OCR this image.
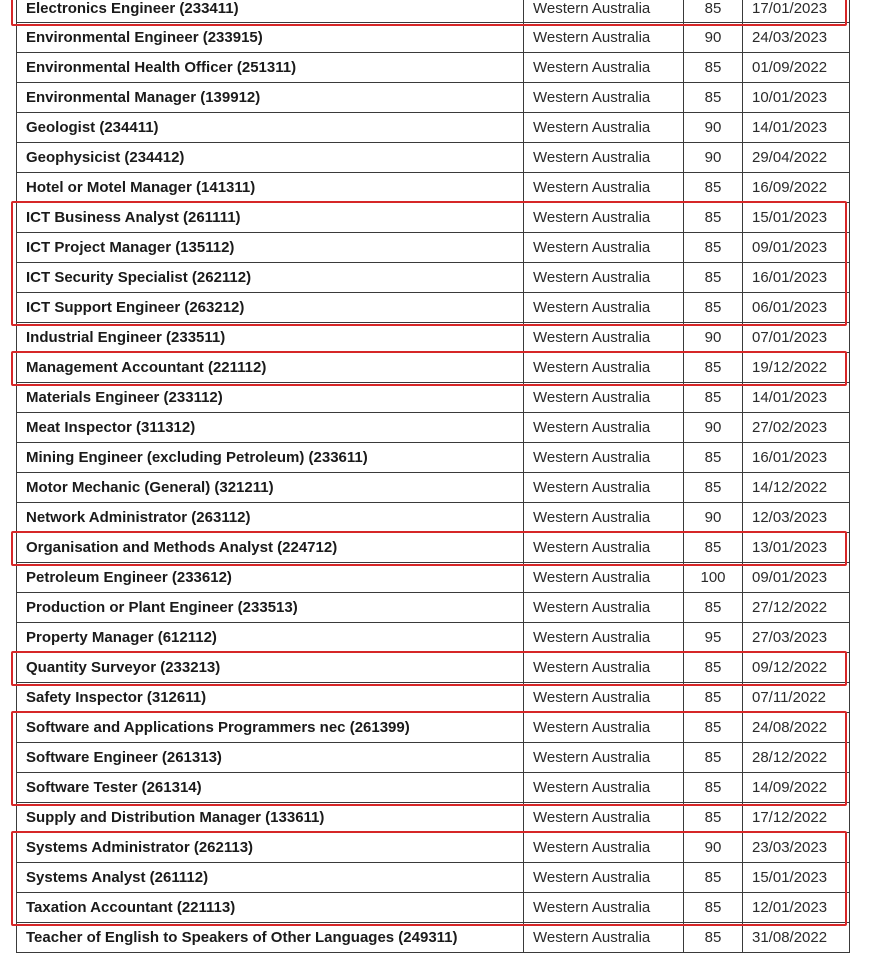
Electronics Engineer (233411)	Western Australia	85	17/01/2023
Environmental Engineer (233915)	Western Australia	90	24/03/2023
Environmental Health Officer (251311)	Western Australia	85	01/09/2022
Environmental Manager (139912)	Western Australia	85	10/01/2023
Geologist (234411)	Western Australia	90	14/01/2023
Geophysicist (234412)	Western Australia	90	29/04/2022
Hotel or Motel Manager (141311)	Western Australia	85	16/09/2022
ICT Business Analyst (261111)	Western Australia	85	15/01/2023
ICT Project Manager (135112)	Western Australia	85	09/01/2023
ICT Security Specialist (262112)	Western Australia	85	16/01/2023
ICT Support Engineer (263212)	Western Australia	85	06/01/2023
Industrial Engineer (233511)	Western Australia	90	07/01/2023
Management Accountant (221112)	Western Australia	85	19/12/2022
Materials Engineer (233112)	Western Australia	85	14/01/2023
Meat Inspector (311312)	Western Australia	90	27/02/2023
Mining Engineer (excluding Petroleum) (233611)	Western Australia	85	16/01/2023
Motor Mechanic (General) (321211)	Western Australia	85	14/12/2022
Network Administrator (263112)	Western Australia	90	12/03/2023
Organisation and Methods Analyst (224712)	Western Australia	85	13/01/2023
Petroleum Engineer (233612)	Western Australia	100	09/01/2023
Production or Plant Engineer (233513)	Western Australia	85	27/12/2022
Property Manager (612112)	Western Australia	95	27/03/2023
Quantity Surveyor (233213)	Western Australia	85	09/12/2022
Safety Inspector (312611)	Western Australia	85	07/11/2022
Software and Applications Programmers nec (261399)	Western Australia	85	24/08/2022
Software Engineer (261313)	Western Australia	85	28/12/2022
Software Tester (261314)	Western Australia	85	14/09/2022
Supply and Distribution Manager (133611)	Western Australia	85	17/12/2022
Systems Administrator (262113)	Western Australia	90	23/03/2023
Systems Analyst (261112)	Western Australia	85	15/01/2023
Taxation Accountant (221113)	Western Australia	85	12/01/2023
Teacher of English to Speakers of Other Languages (249311)	Western Australia	85	31/08/2022
